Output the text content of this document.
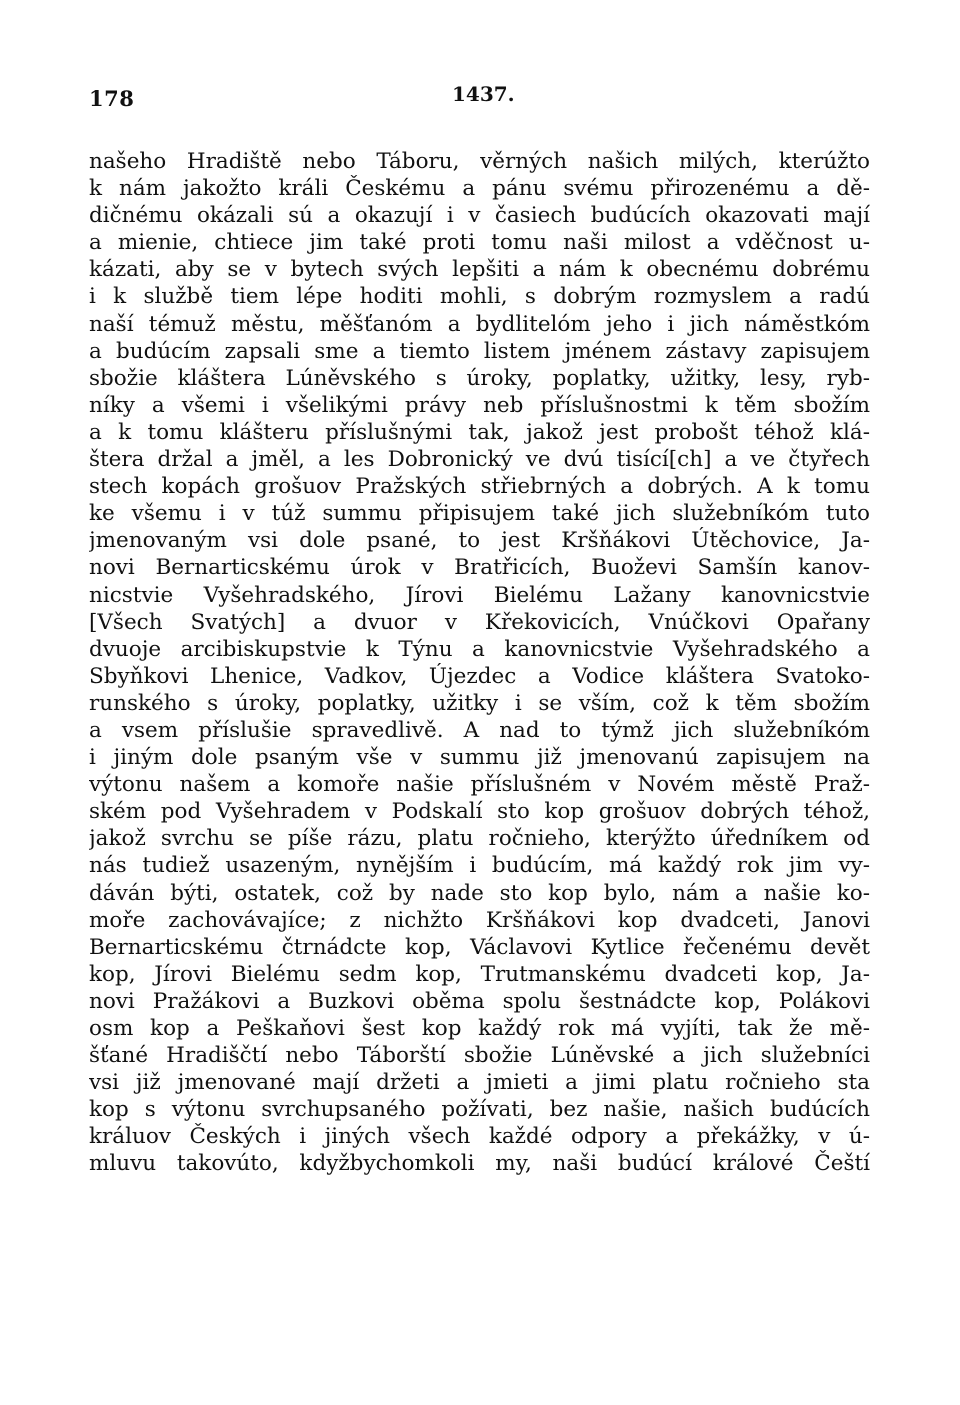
178	1437.
našeho Hradiště nebo Táboru, věrných našich milých, kterúžto
k nám jakožto králi Českému a pánu svému přirozenému a dě-
dičnému okázali sú a okazují i v časiech budúcích okazovati mají
a mienie, chtiece jim také proti tomu naši milost a vděčnost u-
kázati, aby se v bytech svých lepšiti a nám k obecnému dobrému
i k službě tiem lépe hoditi mohli, s dobrým rozmyslem a radú
naší témuž městu, měšťanóm a bydlitelóm jeho i jich náměstkóm
a budúcím zapsali sme a tiemto listem jménem zástavy zapisujem
sbožie kláštera Lúněvského s úroky, poplatky, užitky, lesy, ryb-
níky a všemi i všelikými právy neb příslušnostmi k těm sbožím
a k tomu klášteru příslušnými tak, jakož jest probošt téhož klá-
štera držal a jměl, a les Dobronický ve dvú tisící[ch] a ve čtyřech
stech kopách grošuov Pražských střiebrných a dobrých. A k tomu
ke všemu i v túž summu připisujem také jich služebníkóm tuto
jmenovaným vsi dole psané, to jest Kršňákovi Útěchovice, Ja-
novi Bernarticskému úrok v Bratřicích, Buoževi Samšín kanov-
nicstvie Vyšehradského, Jírovi Bielému Lažany kanovnicstvie
[Všech Svatých] a dvuor v Křekovicích, Vnúčkovi Opařany
dvuoje arcibiskupstvie k Týnu a kanovnicstvie Vyšehradského a
Sbyňkovi Lhenice, Vadkov, Újezdec a Vodice kláštera Svatoko-
runského s úroky, poplatky, užitky i se vším, což k těm sbožím
a vsem příslušie spravedlivě. A nad to týmž jich služebníkóm
i jiným dole psaným vše v summu již jmenovanú zapisujem na
výtonu našem a komoře našie příslušném v Novém městě Praž-
ském pod Vyšehradem v Podskalí sto kop grošuov dobrých téhož,
jakož svrchu se píše rázu, platu ročnieho, kterýžto úředníkem od
nás tudiež usazeným, nynějším i budúcím, má každý rok jim vy-
dáván býti, ostatek, což by nade sto kop bylo, nám a našie ko-
moře zachovávajíce; z nichžto Kršňákovi kop dvadceti, Janovi
Bernarticskému čtrnádcte kop, Václavovi Kytlice řečenému devět
kop, Jírovi Bielému sedm kop, Trutmanskému dvadceti kop, Ja-
novi Pražákovi a Buzkovi oběma spolu šestnádcte kop, Polákovi
osm kop a Peškaňovi šest kop každý rok má vyjíti, tak že mě-
šťané Hradiščtí nebo Táborští sbožie Lúněvské a jich služebníci
vsi již jmenované mají držeti a jmieti a jimi platu ročnieho sta
kop s výtonu svrchupsaného požívati, bez našie, našich budúcích
králuov Českých i jiných všech každé odpory a překážky, v ú-
mluvu takovúto, kdyžbychomkoli my, naši budúcí králové Čeští
